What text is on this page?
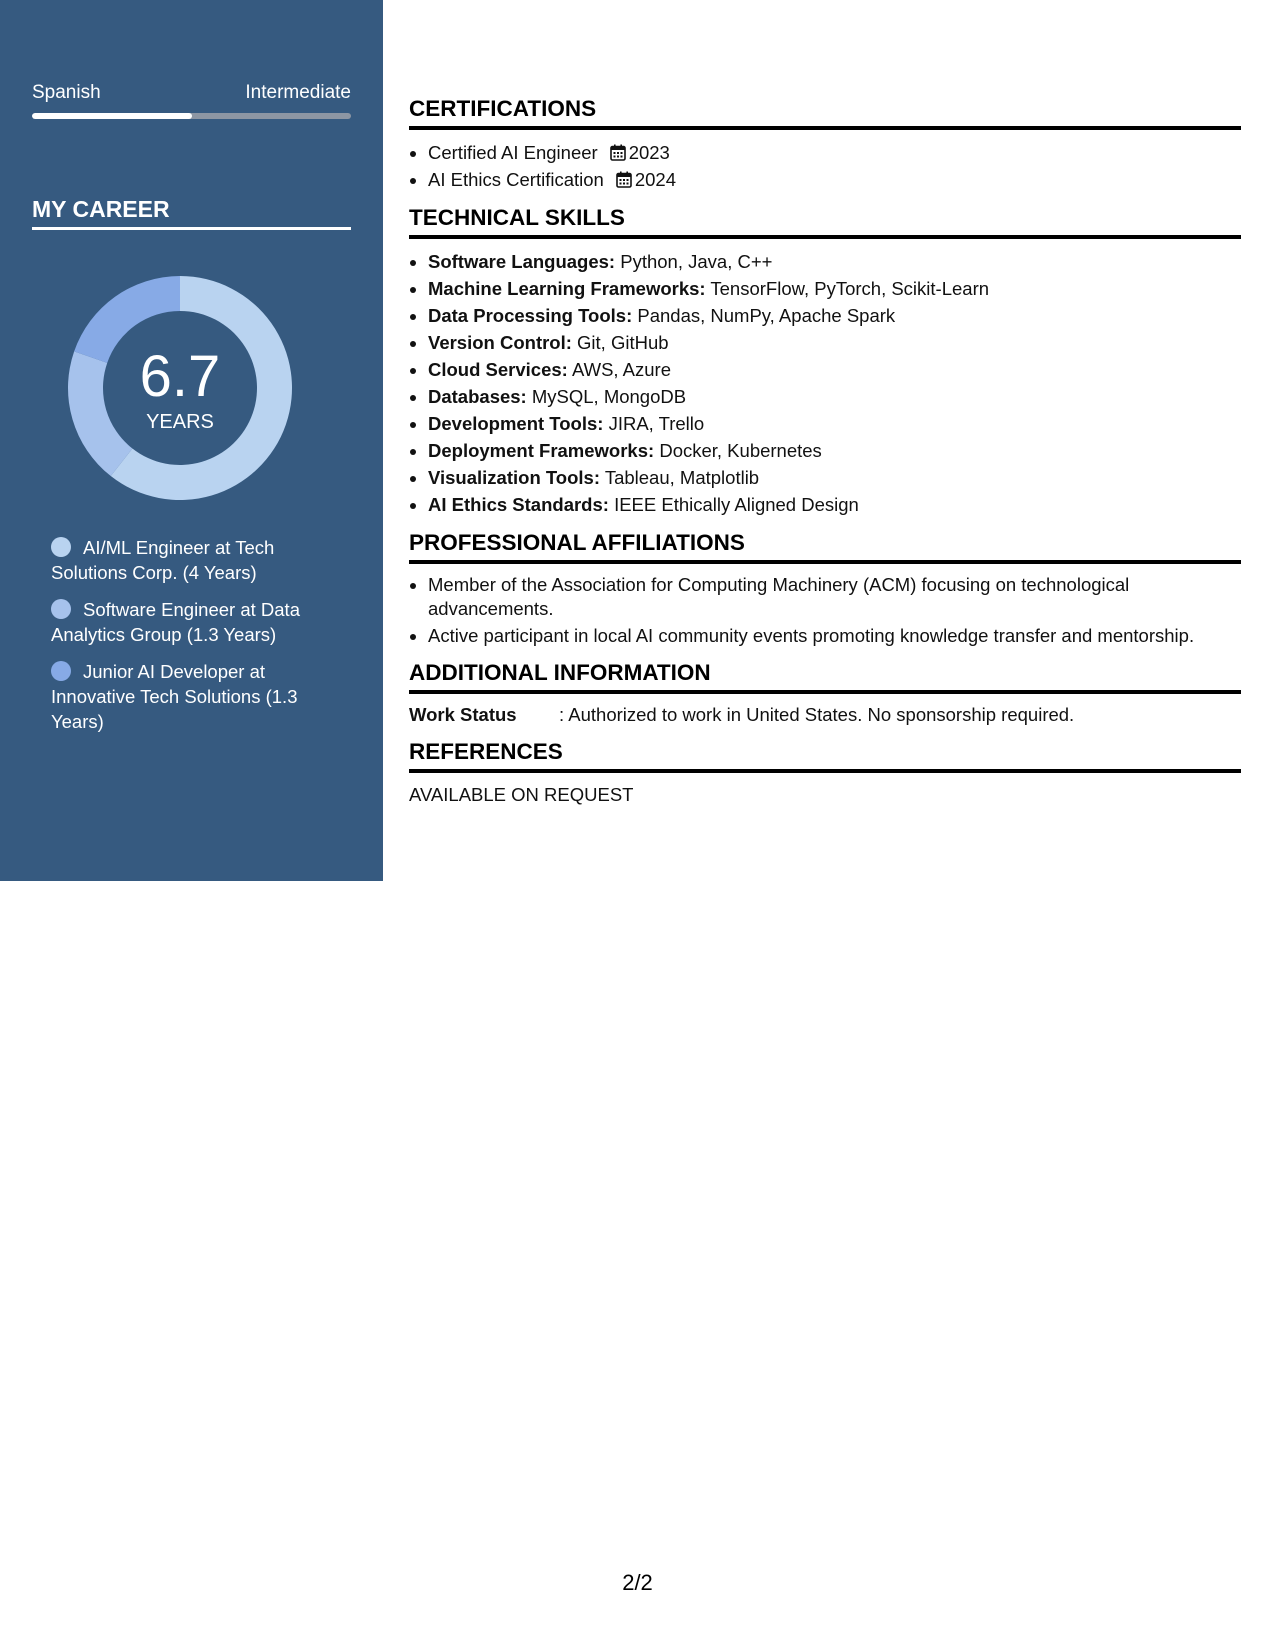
Spanish	Intermediate
MY CAREER
6.7
YEARS
AI/ML Engineer at Tech Solutions Corp. (4 Years)
Software Engineer at Data Analytics Group (1.3 Years)
Junior AI Developer at Innovative Tech Solutions (1.3 Years)
CERTIFICATIONS
• Certified AI Engineer 2023
• AI Ethics Certification 2024
TECHNICAL SKILLS
• Software Languages: Python, Java, C++
• Machine Learning Frameworks: TensorFlow, PyTorch, Scikit-Learn
• Data Processing Tools: Pandas, NumPy, Apache Spark
• Version Control: Git, GitHub
• Cloud Services: AWS, Azure
• Databases: MySQL, MongoDB
• Development Tools: JIRA, Trello
• Deployment Frameworks: Docker, Kubernetes
• Visualization Tools: Tableau, Matplotlib
• AI Ethics Standards: IEEE Ethically Aligned Design
PROFESSIONAL AFFILIATIONS
• Member of the Association for Computing Machinery (ACM) focusing on technological advancements.
• Active participant in local AI community events promoting knowledge transfer and mentorship.
ADDITIONAL INFORMATION
Work Status	: Authorized to work in United States. No sponsorship required.
REFERENCES
AVAILABLE ON REQUEST
2/2
